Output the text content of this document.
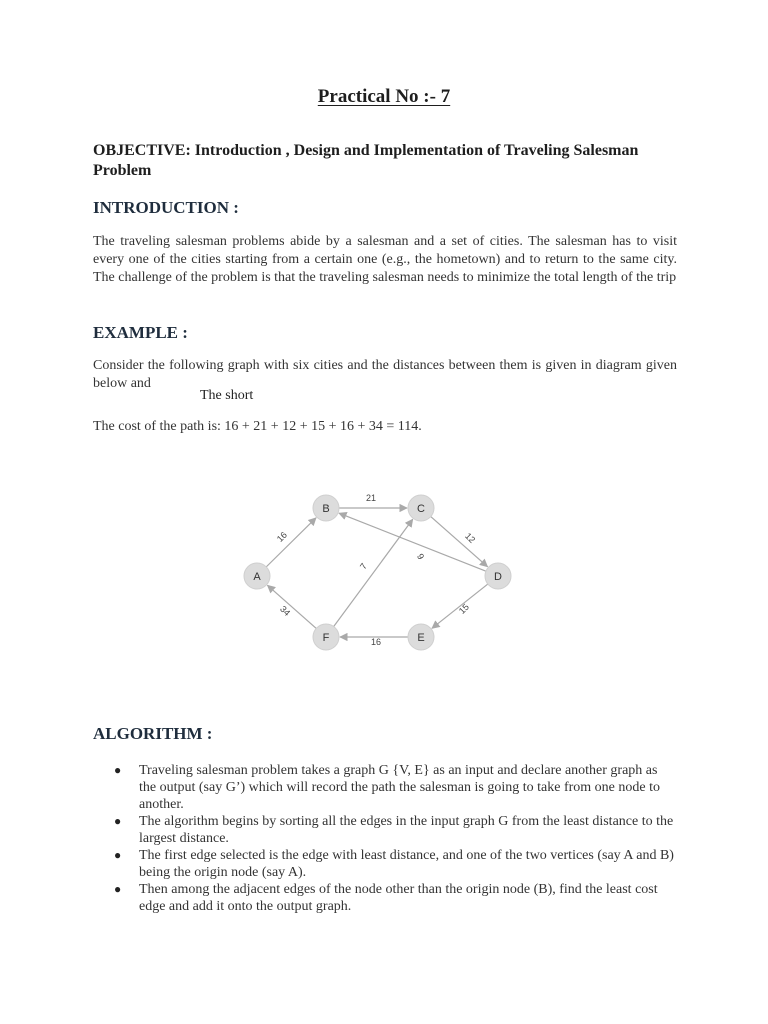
Practical No :- 7
OBJECTIVE: Introduction , Design and Implementation of Traveling Salesman Problem
INTRODUCTION :
The traveling salesman problems abide by a salesman and a set of cities. The salesman has to visit every one of the cities starting from a certain one (e.g., the hometown) and to return to the same city. The challenge of the problem is that the traveling salesman needs to minimize the total length of the trip
EXAMPLE :
Consider the following graph with six cities and the distances between them is given in diagram given below and
The short
The cost of the path is: 16 + 21 + 12 + 15 + 16 + 34 = 114.
16
21
12
9
7
34
16
15
A
B	C
D
E
F
ALGORITHM :
● Traveling salesman problem takes a graph G {V, E} as an input and declare another graph as the output (say G’) which will record the path the salesman is going to take from one node to another.
● The algorithm begins by sorting all the edges in the input graph G from the least distance to the largest distance.
● The first edge selected is the edge with least distance, and one of the two vertices (say A and B) being the origin node (say A).
● Then among the adjacent edges of the node other than the origin node (B), find the least cost edge and add it onto the output graph.
